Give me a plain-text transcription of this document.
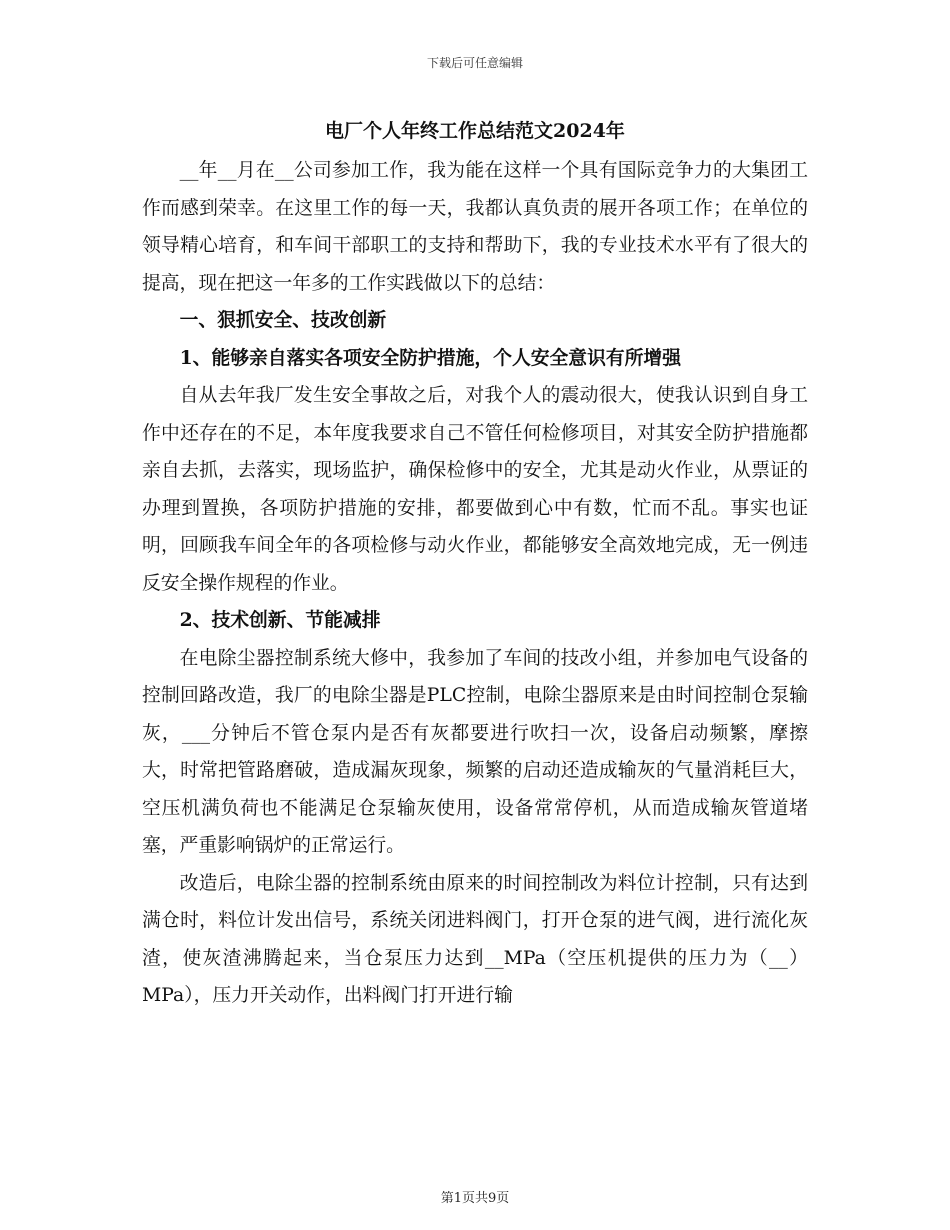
下载后可任意编辑
电厂个人年终工作总结范文2024年

__年__月在__公司参加工作，我为能在这样一个具有国际竞争力的大集团工作而感到荣幸。在这里工作的每一天，我都认真负责的展开各项工作；在单位的领导精心培育，和车间干部职工的支持和帮助下，我的专业技术水平有了很大的提高，现在把这一年多的工作实践做以下的总结：

一、狠抓安全、技改创新

1、能够亲自落实各项安全防护措施，个人安全意识有所增强

自从去年我厂发生安全事故之后，对我个人的震动很大，使我认识到自身工作中还存在的不足，本年度我要求自己不管任何检修项目，对其安全防护措施都亲自去抓，去落实，现场监护，确保检修中的安全，尤其是动火作业，从票证的办理到置换，各项防护措施的安排，都要做到心中有数，忙而不乱。事实也证明，回顾我车间全年的各项检修与动火作业，都能够安全高效地完成，无一例违反安全操作规程的作业。

2、技术创新、节能减排

在电除尘器控制系统大修中，我参加了车间的技改小组，并参加电气设备的控制回路改造，我厂的电除尘器是PLC控制，电除尘器原来是由时间控制仓泵输灰，___分钟后不管仓泵内是否有灰都要进行吹扫一次，设备启动频繁，摩擦大，时常把管路磨破，造成漏灰现象，频繁的启动还造成输灰的气量消耗巨大，空压机满负荷也不能满足仓泵输灰使用，设备常常停机，从而造成输灰管道堵塞，严重影响锅炉的正常运行。

改造后，电除尘器的控制系统由原来的时间控制改为料位计控制，只有达到满仓时，料位计发出信号，系统关闭进料阀门，打开仓泵的进气阀，进行流化灰渣，使灰渣沸腾起来，当仓泵压力达到__MPa（空压机提供的压力为（__）MPa），压力开关动作，出料阀门打开进行输

第1页共9页
